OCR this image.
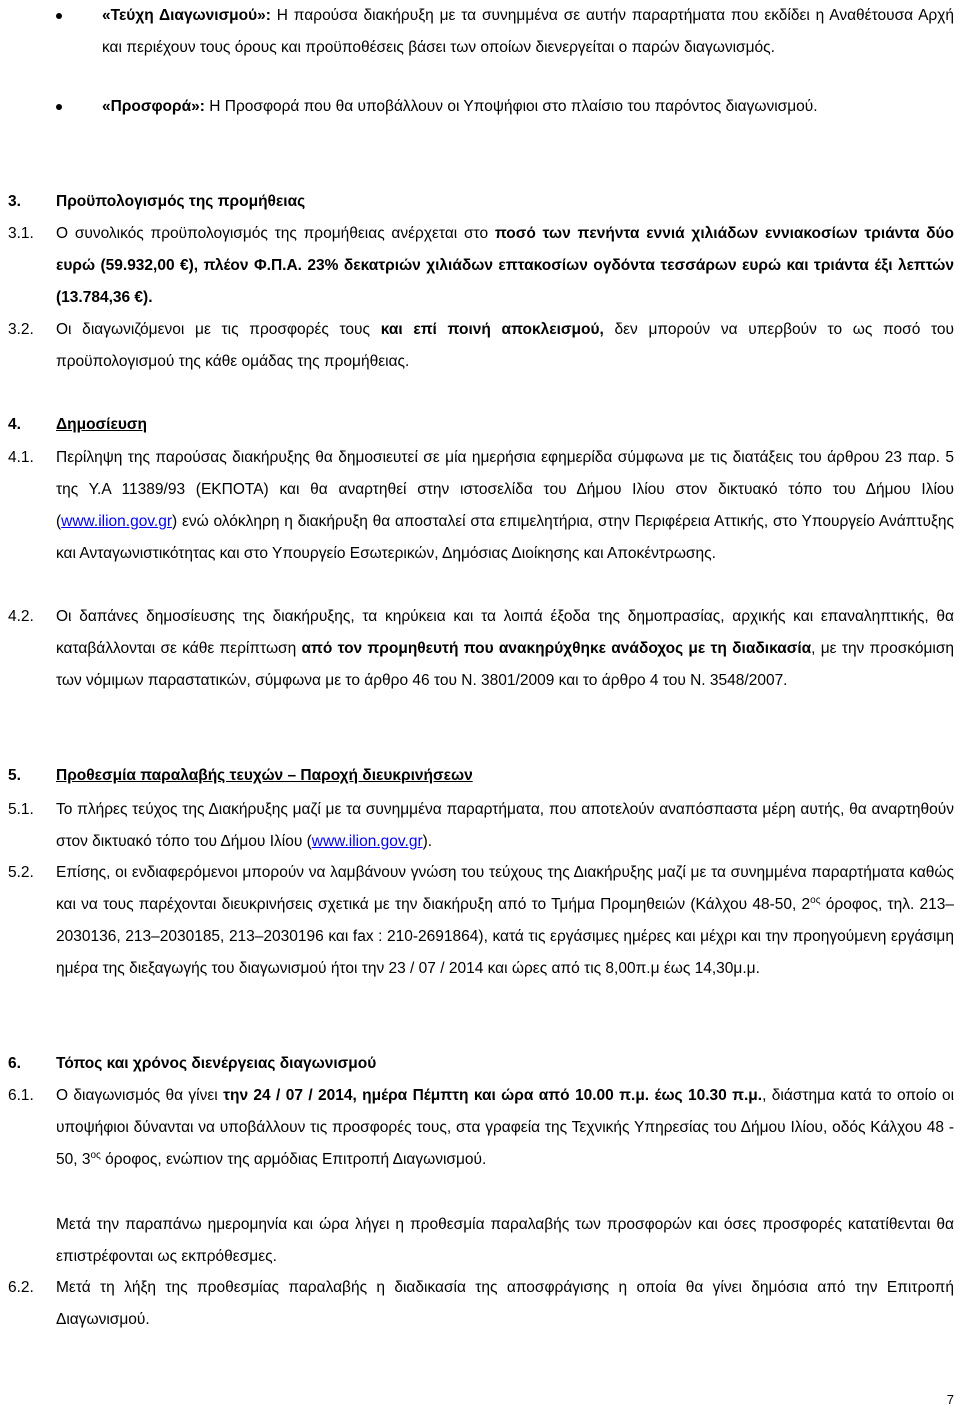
«Τεύχη Διαγωνισμού»: Η παρούσα διακήρυξη με τα συνημμένα σε αυτήν παραρτήματα που εκδίδει η Αναθέτουσα Αρχή και περιέχουν τους όρους και προϋποθέσεις βάσει των οποίων διενεργείται ο παρών διαγωνισμός.
«Προσφορά»: Η Προσφορά που θα υποβάλλουν οι Υποψήφιοι στο πλαίσιο του παρόντος διαγωνισμού.
3.	Προϋπολογισμός της προμήθειας
3.1.	Ο συνολικός προϋπολογισμός της προμήθειας ανέρχεται στο ποσό των πενήντα εννιά χιλιάδων εννιακοσίων τριάντα δύο ευρώ (59.932,00 €), πλέον Φ.Π.Α. 23% δεκατριών χιλιάδων επτακοσίων ογδόντα τεσσάρων ευρώ και τριάντα έξι λεπτών (13.784,36 €).
3.2.	Οι διαγωνιζόμενοι με τις προσφορές τους και επί ποινή αποκλεισμού, δεν μπορούν να υπερβούν το ως ποσό του προϋπολογισμού της κάθε ομάδας της προμήθειας.
4.	Δημοσίευση
4.1.	Περίληψη της παρούσας διακήρυξης θα δημοσιευτεί σε μία ημερήσια εφημερίδα σύμφωνα με τις διατάξεις του άρθρου 23 παρ. 5 της Υ.Α 11389/93 (ΕΚΠΟΤΑ) και θα αναρτηθεί στην ιστοσελίδα του Δήμου Ιλίου στον δικτυακό τόπο του Δήμου Ιλίου (www.ilion.gov.gr) ενώ ολόκληρη η διακήρυξη θα αποσταλεί στα επιμελητήρια, στην Περιφέρεια Αττικής, στο Υπουργείο Ανάπτυξης και Ανταγωνιστικότητας και στο Υπουργείο Εσωτερικών, Δημόσιας Διοίκησης και Αποκέντρωσης.
4.2.	Οι δαπάνες δημοσίευσης της διακήρυξης, τα κηρύκεια και τα λοιπά έξοδα της δημοπρασίας, αρχικής και επαναληπτικής, θα καταβάλλονται σε κάθε περίπτωση από τον προμηθευτή που ανακηρύχθηκε ανάδοχος με τη διαδικασία, με την προσκόμιση των νόμιμων παραστατικών, σύμφωνα με το άρθρο 46 του Ν. 3801/2009 και το άρθρο 4 του Ν. 3548/2007.
5.	Προθεσμία παραλαβής τευχών – Παροχή διευκρινήσεων
5.1.	Το πλήρες τεύχος της Διακήρυξης μαζί με τα συνημμένα παραρτήματα, που αποτελούν αναπόσπαστα μέρη αυτής, θα αναρτηθούν στον δικτυακό τόπο του Δήμου Ιλίου (www.ilion.gov.gr).
5.2.	Επίσης, οι ενδιαφερόμενοι μπορούν να λαμβάνουν γνώση του τεύχους της Διακήρυξης μαζί με τα συνημμένα παραρτήματα καθώς και να τους παρέχονται διευκρινήσεις σχετικά με την διακήρυξη από το Τμήμα Προμηθειών (Κάλχου 48-50, $2^{o\varsigma}$ όροφος, τηλ. 213–2030136, 213–2030185, 213–2030196 και fax : 210-2691864), κατά τις εργάσιμες ημέρες και μέχρι και την προηγούμενη εργάσιμη ημέρα της διεξαγωγής του διαγωνισμού ήτοι την 23 / 07 / 2014 και ώρες από τις 8,00π.μ έως 14,30μ.μ.
6.	Τόπος και χρόνος διενέργειας διαγωνισμού
6.1.	Ο διαγωνισμός θα γίνει την 24 / 07 / 2014, ημέρα Πέμπτη και ώρα από 10.00 π.μ. έως 10.30 π.μ., διάστημα κατά το οποίο οι υποψήφιοι δύνανται να υποβάλλουν τις προσφορές τους, στα γραφεία της Τεχνικής Υπηρεσίας του Δήμου Ιλίου, οδός Κάλχου 48 - 50, $3^{o\varsigma}$ όροφος, ενώπιον της αρμόδιας Επιτροπή Διαγωνισμού.
Μετά την παραπάνω ημερομηνία και ώρα λήγει η προθεσμία παραλαβής των προσφορών και όσες προσφορές κατατίθενται θα επιστρέφονται ως εκπρόθεσμες.
6.2.	Μετά τη λήξη της προθεσμίας παραλαβής η διαδικασία της αποσφράγισης η οποία θα γίνει δημόσια από την Επιτροπή Διαγωνισμού.
7
